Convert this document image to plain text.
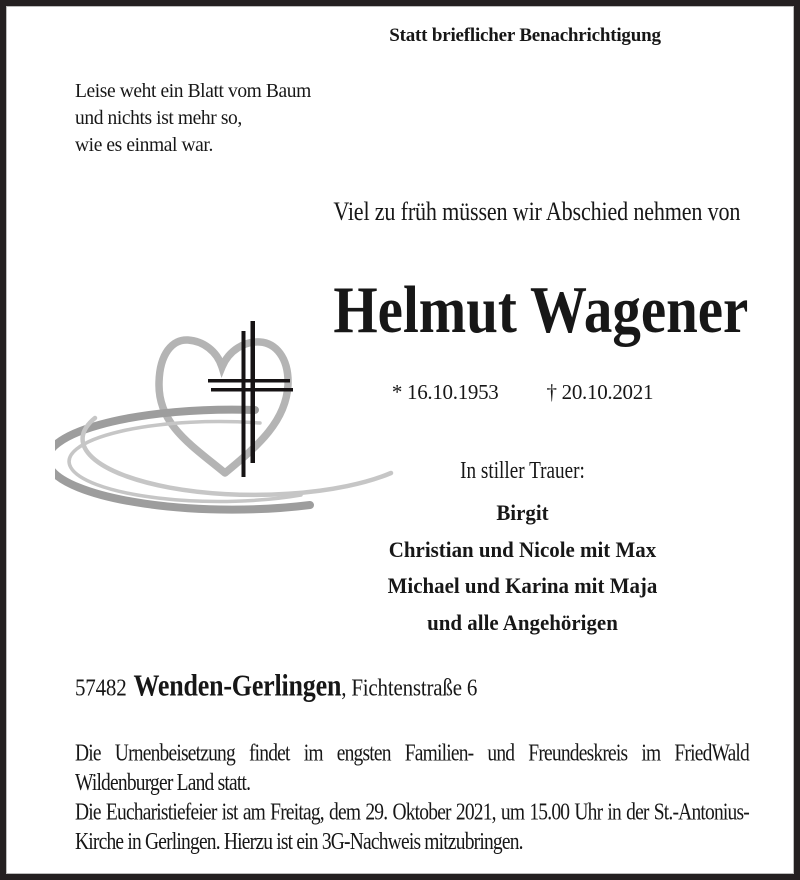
Statt brieflicher Benachrichtigung
Leise weht ein Blatt vom Baum
und nichts ist mehr so,
wie es einmal war.
Viel zu früh müssen wir Abschied nehmen von
Helmut Wagener
* 16.10.1953 † 20.10.2021
In stiller Trauer:
Birgit
Christian und Nicole mit Max
Michael und Karina mit Maja
und alle Angehörigen
57482 Wenden-Gerlingen, Fichtenstraße 6
Die Urnenbeisetzung findet im engsten Familien- und Freundeskreis im FriedWald Wildenburger Land statt.
Die Eucharistiefeier ist am Freitag, dem 29. Oktober 2021, um 15.00 Uhr in der St.-Antonius-Kirche in Gerlingen. Hierzu ist ein 3G-Nachweis mitzubringen.
